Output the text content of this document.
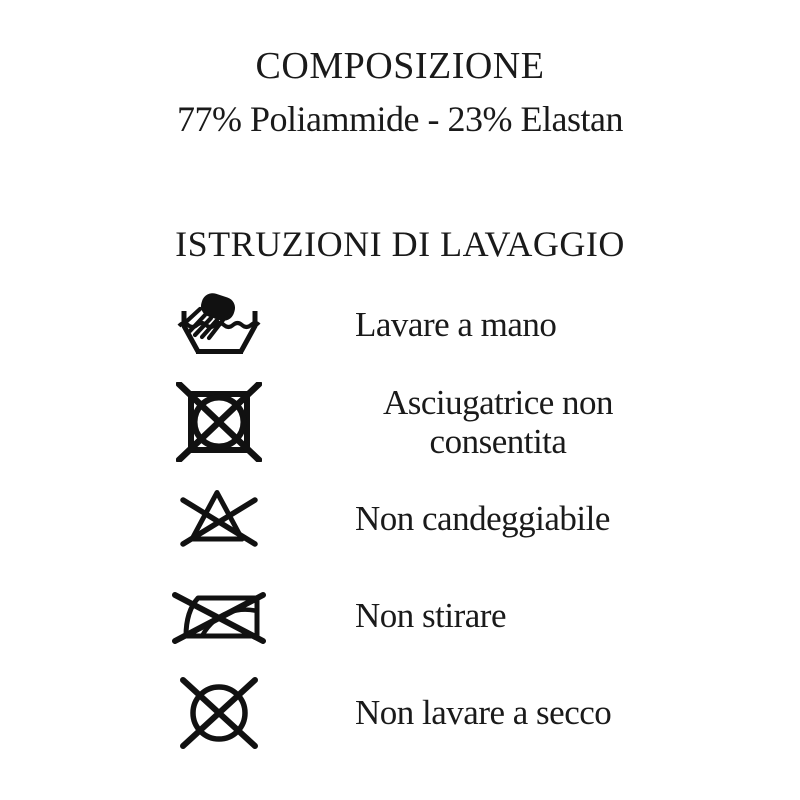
COMPOSIZIONE

77% Poliammide - 23% Elastan

ISTRUZIONI DI LAVAGGIO
Lavare a mano
Asciugatrice non consentita
Non candeggiabile
Non stirare
Non lavare a secco
